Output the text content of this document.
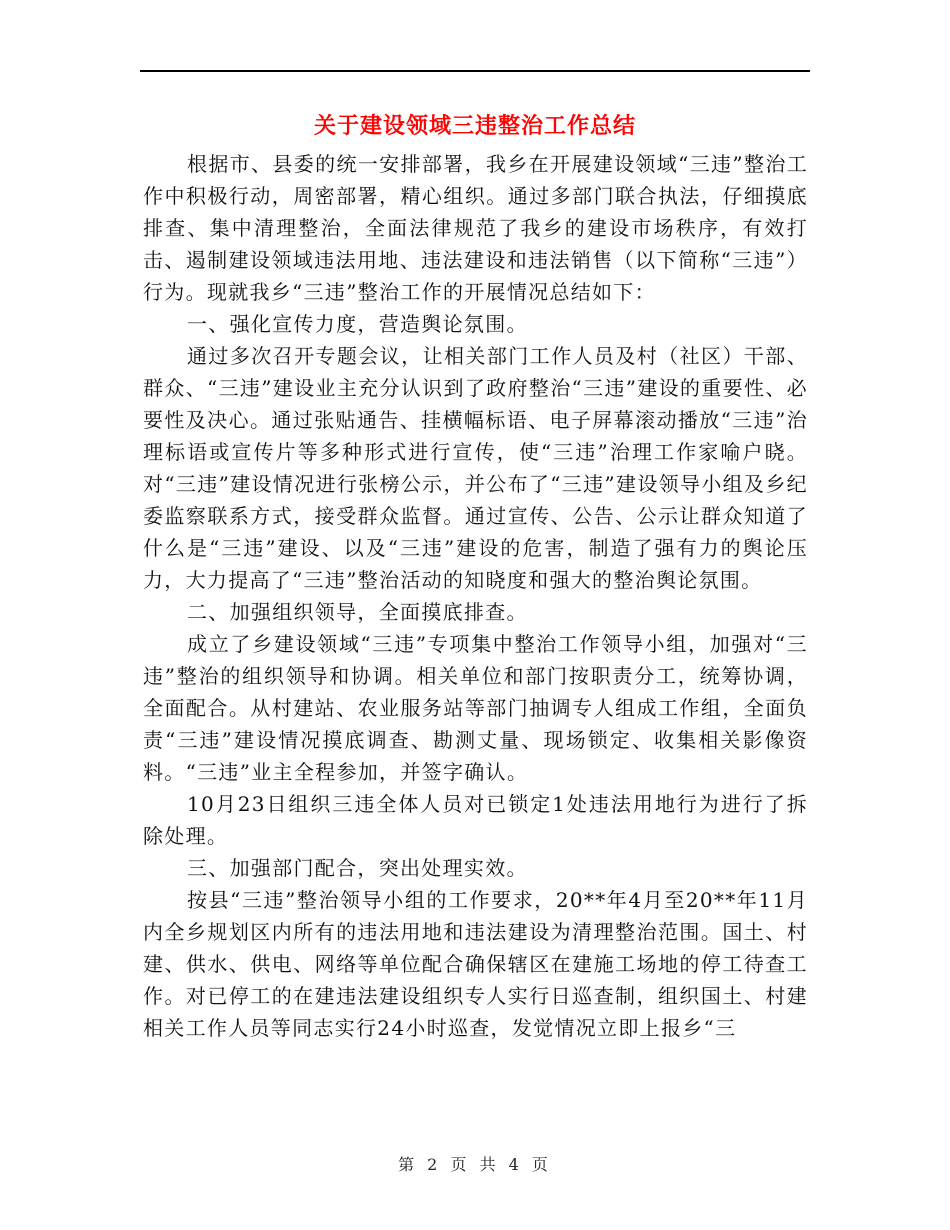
关于建设领域三违整治工作总结

根据市、县委的统一安排部署，我乡在开展建设领域“三违”整治工作中积极行动，周密部署，精心组织。通过多部门联合执法，仔细摸底排查、集中清理整治，全面法律规范了我乡的建设市场秩序，有效打击、遏制建设领域违法用地、违法建设和违法销售（以下简称“三违”）行为。现就我乡“三违”整治工作的开展情况总结如下：

一、强化宣传力度，营造舆论氛围。

通过多次召开专题会议，让相关部门工作人员及村（社区）干部、群众、“三违”建设业主充分认识到了政府整治“三违”建设的重要性、必要性及决心。通过张贴通告、挂横幅标语、电子屏幕滚动播放“三违”治理标语或宣传片等多种形式进行宣传，使“三违”治理工作家喻户晓。对“三违”建设情况进行张榜公示，并公布了“三违”建设领导小组及乡纪委监察联系方式，接受群众监督。通过宣传、公告、公示让群众知道了什么是“三违”建设、以及“三违”建设的危害，制造了强有力的舆论压力，大力提高了“三违”整治活动的知晓度和强大的整治舆论氛围。

二、加强组织领导，全面摸底排查。

成立了乡建设领域“三违”专项集中整治工作领导小组，加强对“三违”整治的组织领导和协调。相关单位和部门按职责分工，统筹协调，全面配合。从村建站、农业服务站等部门抽调专人组成工作组，全面负责“三违”建设情况摸底调查、勘测丈量、现场锁定、收集相关影像资料。“三违”业主全程参加，并签字确认。

10月23日组织三违全体人员对已锁定1处违法用地行为进行了拆除处理。

三、加强部门配合，突出处理实效。

按县“三违”整治领导小组的工作要求，20**年4月至20**年11月内全乡规划区内所有的违法用地和违法建设为清理整治范围。国土、村建、供水、供电、网络等单位配合确保辖区在建施工场地的停工待查工作。对已停工的在建违法建设组织专人实行日巡查制，组织国土、村建相关工作人员等同志实行24小时巡查，发觉情况立即上报乡“三

第 2 页 共 4 页
